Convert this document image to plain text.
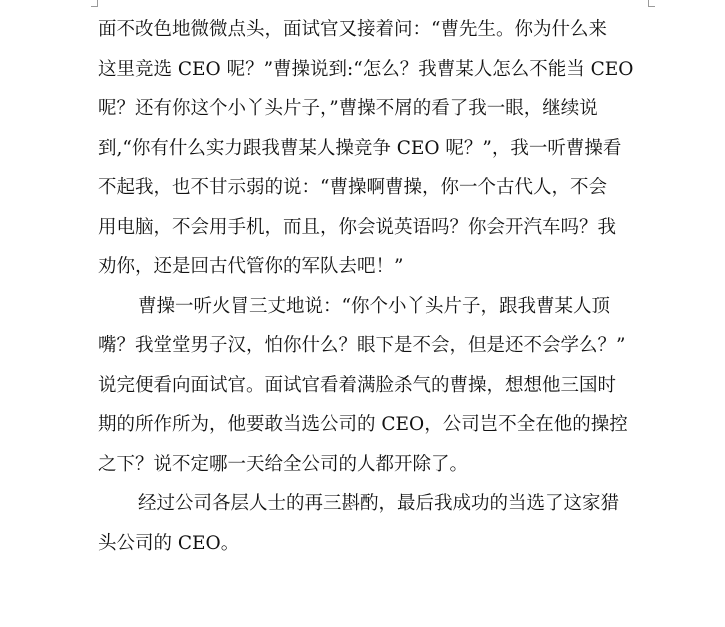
面不改色地微微点头，面试官又接着问：“曹先生。你为什么来
这里竞选 CEO 呢？”曹操说到:“怎么？我曹某人怎么不能当 CEO
呢？还有你这个小丫头片子，”曹操不屑的看了我一眼，继续说
到,“你有什么实力跟我曹某人操竞争 CEO 呢？”，我一听曹操看
不起我，也不甘示弱的说：“曹操啊曹操，你一个古代人，不会
用电脑，不会用手机，而且，你会说英语吗？你会开汽车吗？我
劝你，还是回古代管你的军队去吧！”
曹操一听火冒三丈地说：“你个小丫头片子，跟我曹某人顶
嘴？我堂堂男子汉，怕你什么？眼下是不会，但是还不会学么？”
说完便看向面试官。面试官看着满脸杀气的曹操，想想他三国时
期的所作所为，他要敢当选公司的 CEO，公司岂不全在他的操控
之下？说不定哪一天给全公司的人都开除了。
经过公司各层人士的再三斟酌，最后我成功的当选了这家猎
头公司的 CEO。
